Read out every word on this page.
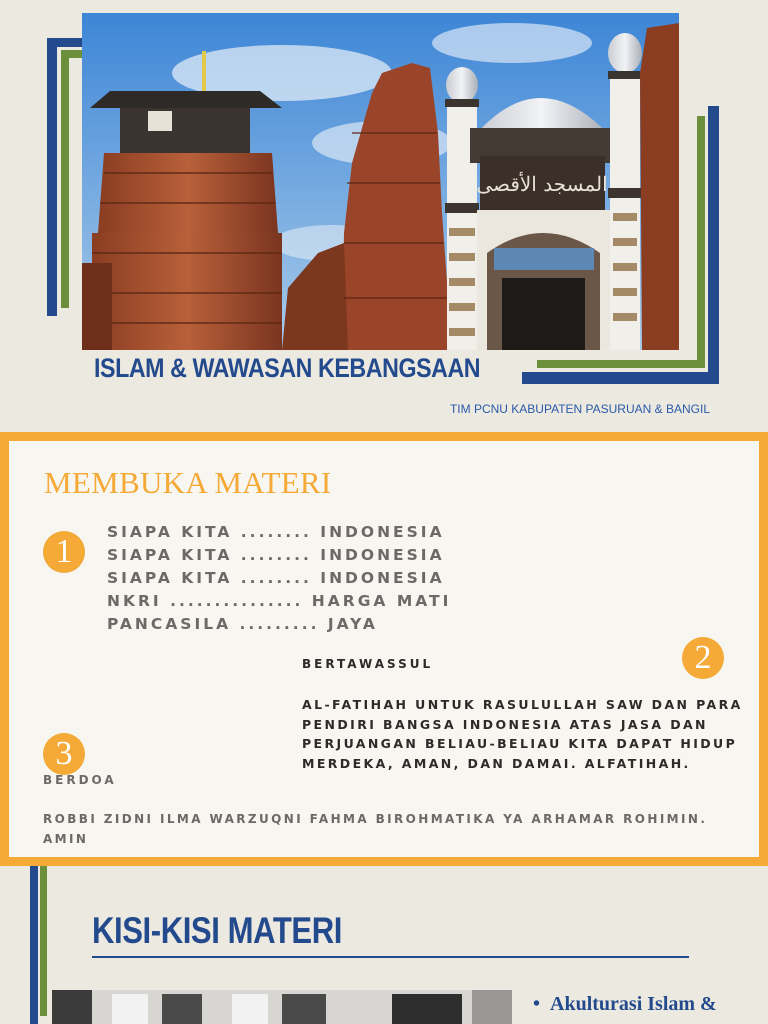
اﻟﻤﺴﺠﺪ اﻷﻗﺼﻰ
ISLAM & WAWASAN KEBANGSAAN
TIM PCNU KABUPATEN PASURUAN & BANGIL
MEMBUKA MATERI
1
SIAPA KITA ........ INDONESIA
SIAPA KITA ........ INDONESIA
SIAPA KITA ........ INDONESIA
NKRI ............... HARGA MATI
PANCASILA ......... JAYA
2
BERTAWASSUL
AL-FATIHAH UNTUK RASULULLAH SAW DAN PARA
PENDIRI BANGSA INDONESIA ATAS JASA DAN
PERJUANGAN BELIAU-BELIAU KITA DAPAT HIDUP
MERDEKA, AMAN, DAN DAMAI. ALFATIHAH.
3
BERDOA
ROBBI ZIDNI ILMA WARZUQNI FAHMA BIROHMATIKA YA ARHAMAR ROHIMIN.
AMIN
KISI-KISI MATERI
•  Akulturasi Islam &
